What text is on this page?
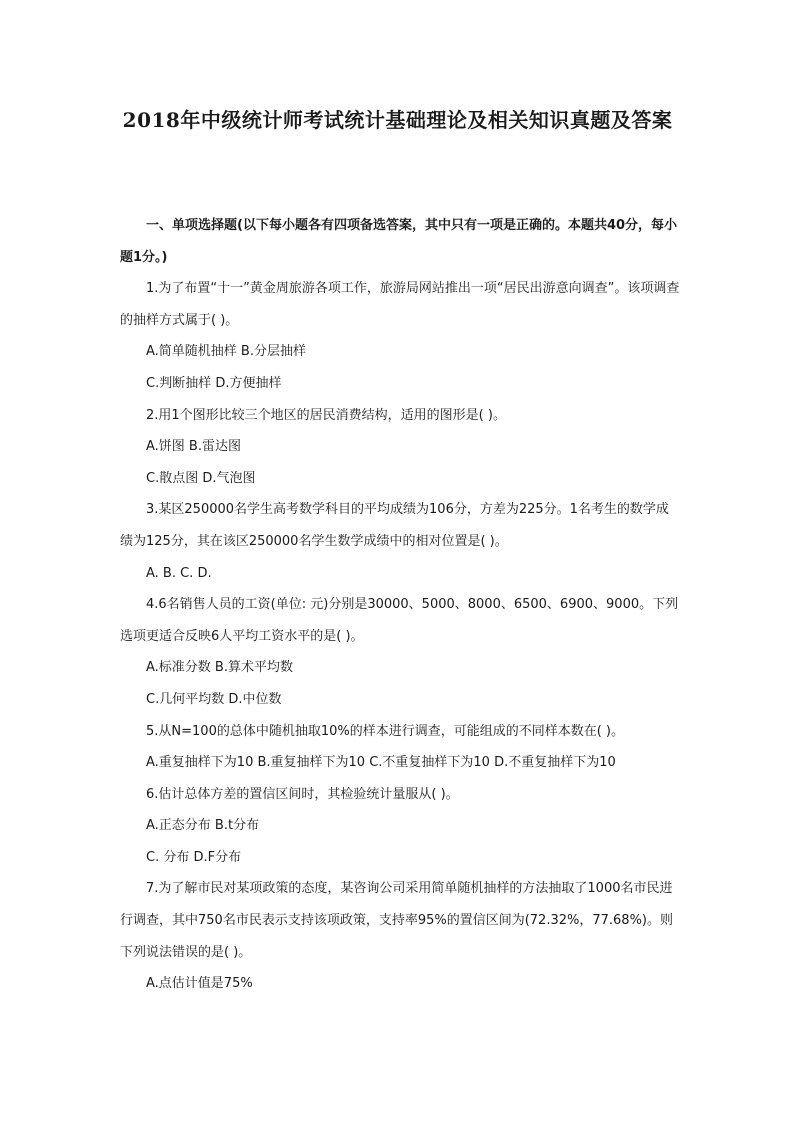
2018年中级统计师考试统计基础理论及相关知识真题及答案

一、单项选择题(以下每小题各有四项备选答案，其中只有一项是正确的。本题共40分，每小题1分。)

1.为了布置“十一”黄金周旅游各项工作，旅游局网站推出一项“居民出游意向调查”。该项调查的抽样方式属于( )。

A.简单随机抽样 B.分层抽样

C.判断抽样 D.方便抽样

2.用1个图形比较三个地区的居民消费结构，适用的图形是( )。

A.饼图 B.雷达图

C.散点图 D.气泡图

3.某区250000名学生高考数学科目的平均成绩为106分，方差为225分。1名考生的数学成绩为125分，其在该区250000名学生数学成绩中的相对位置是( )。

A. B. C. D.

4.6名销售人员的工资(单位: 元)分别是30000、5000、8000、6500、6900、9000。下列选项更适合反映6人平均工资水平的是( )。

A.标准分数 B.算术平均数

C.几何平均数 D.中位数

5.从N=100的总体中随机抽取10%的样本进行调查，可能组成的不同样本数在( )。

A.重复抽样下为10 B.重复抽样下为10 C.不重复抽样下为10 D.不重复抽样下为10

6.估计总体方差的置信区间时，其检验统计量服从( )。

A.正态分布 B.t分布

C. 分布 D.F分布

7.为了解市民对某项政策的态度，某咨询公司采用简单随机抽样的方法抽取了1000名市民进行调查，其中750名市民表示支持该项政策，支持率95%的置信区间为(72.32%，77.68%)。则下列说法错误的是( )。

A.点估计值是75%
